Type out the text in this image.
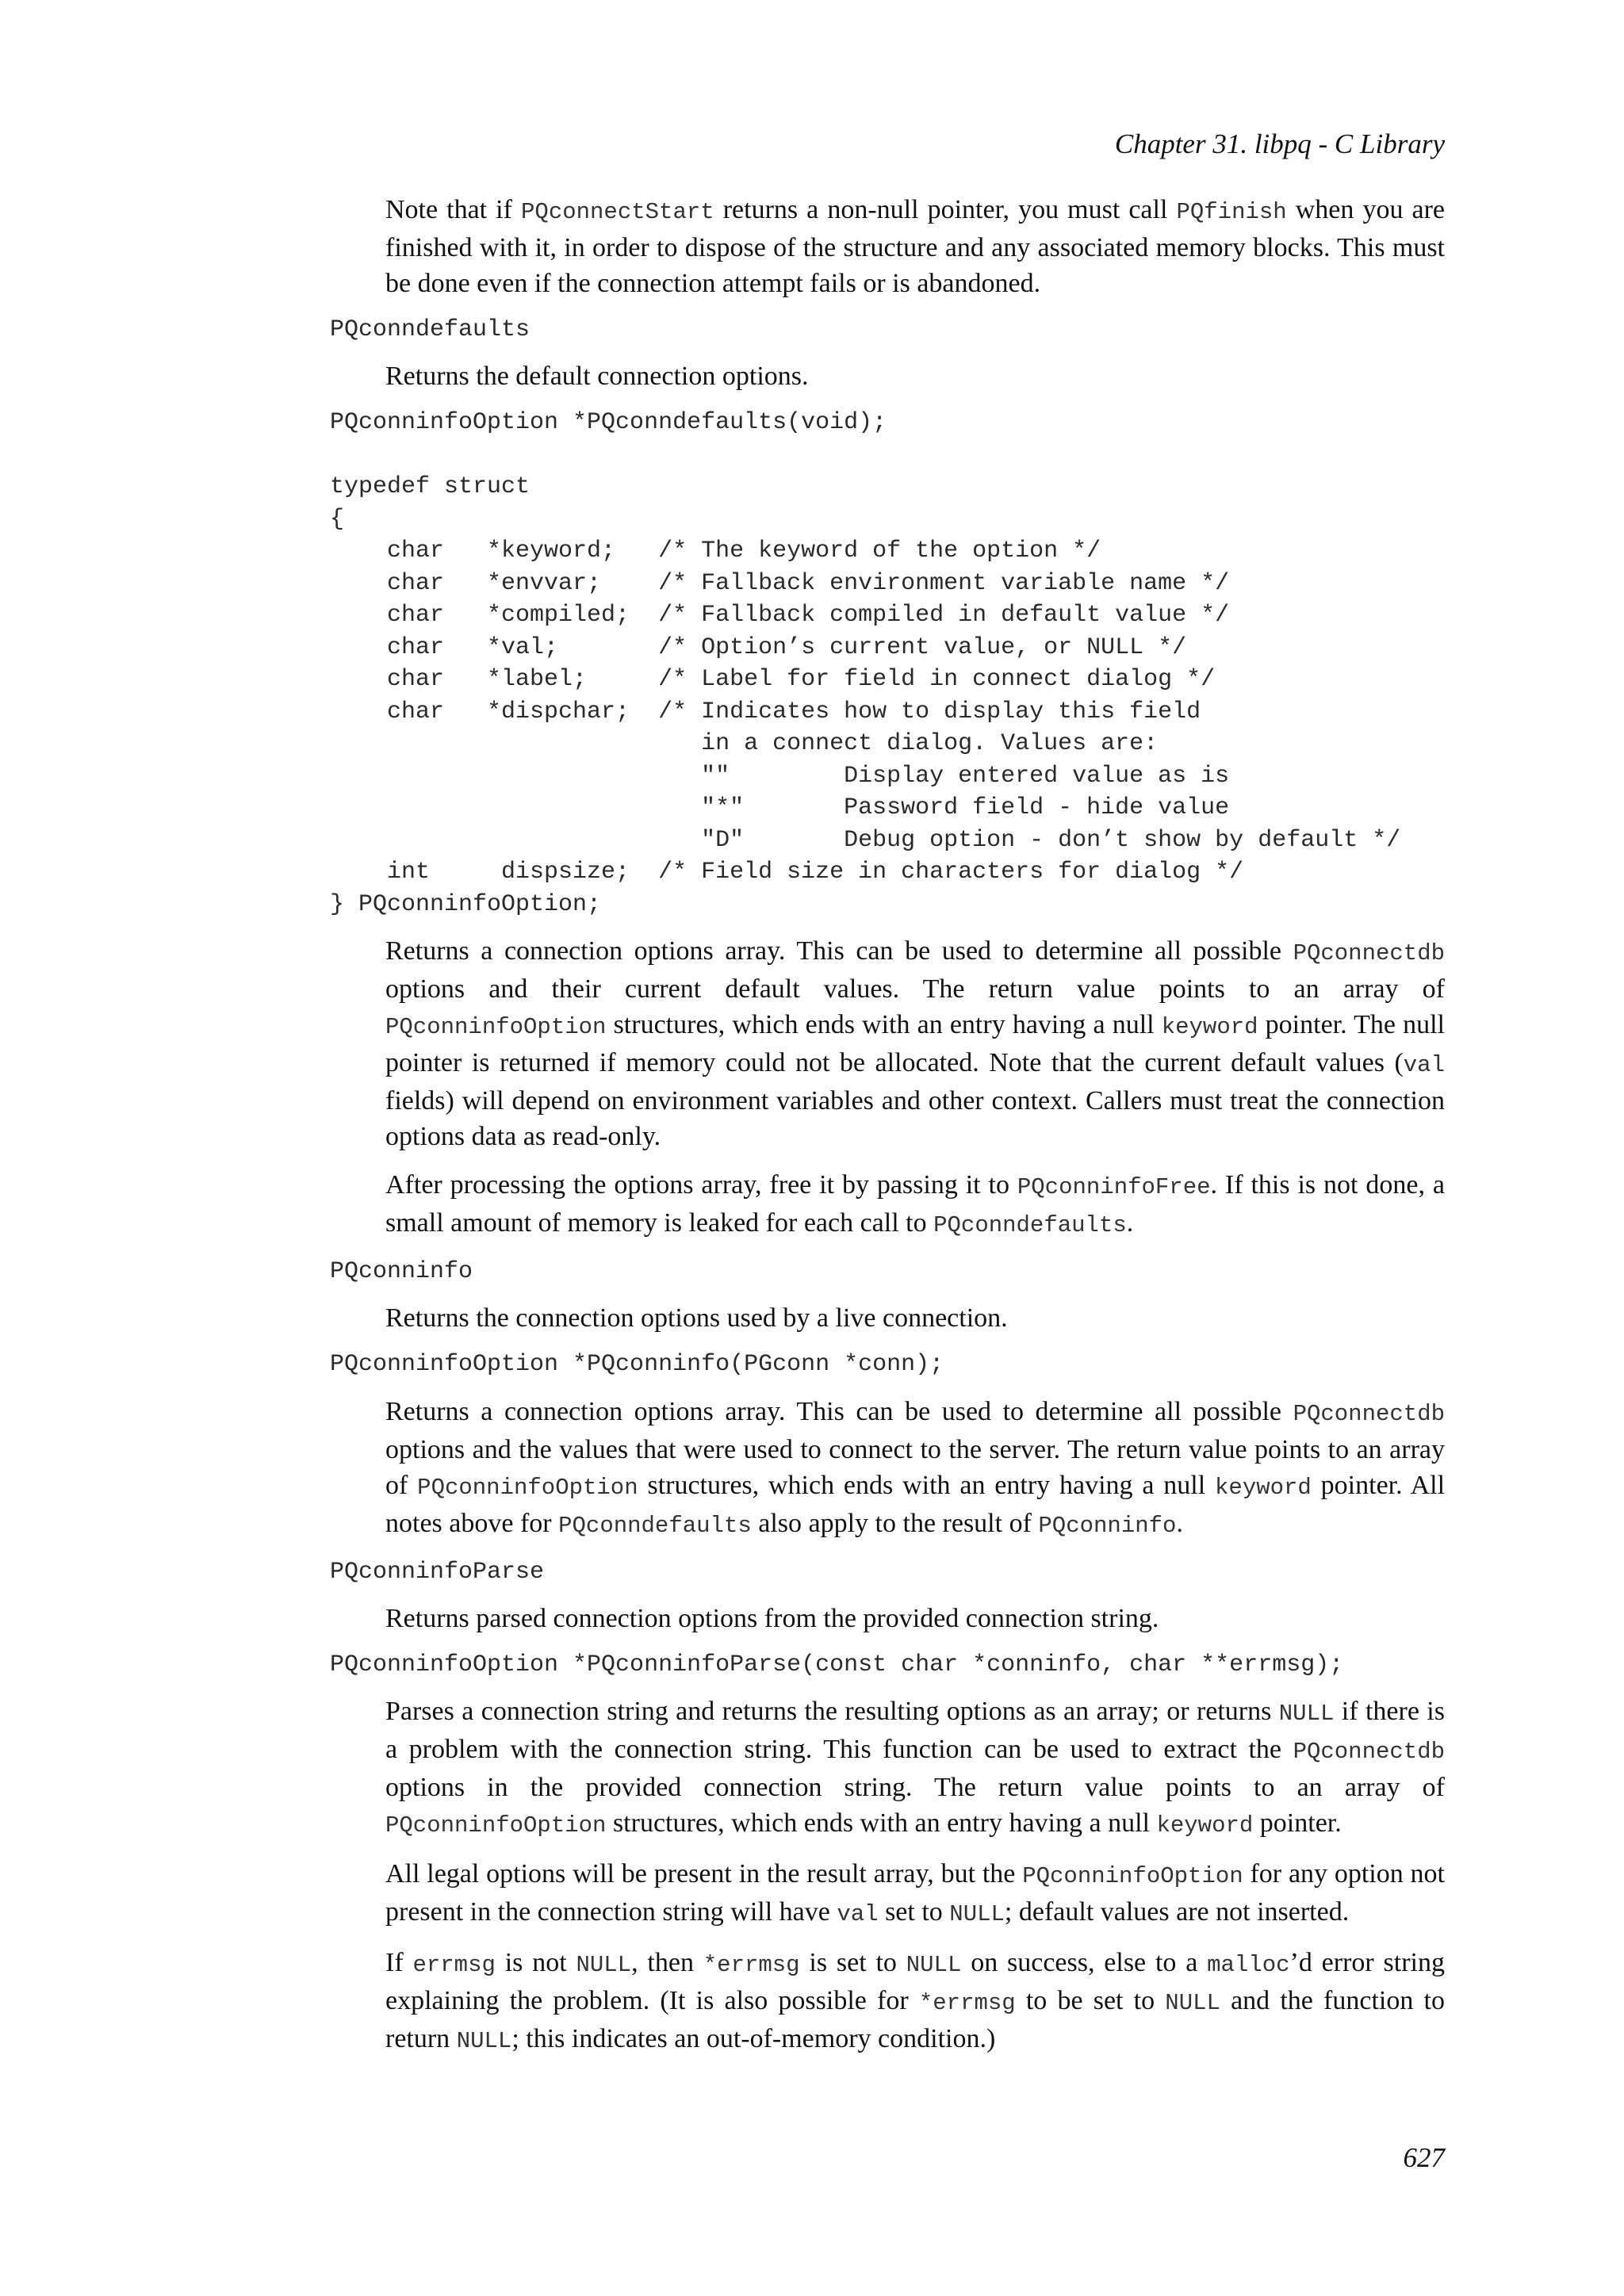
Chapter 31. libpq - C Library

Note that if PQconnectStart returns a non-null pointer, you must call PQfinish when you are finished with it, in order to dispose of the structure and any associated memory blocks. This must be done even if the connection attempt fails or is abandoned.

PQconndefaults

Returns the default connection options.

PQconninfoOption *PQconndefaults(void);

typedef struct
{
char   *keyword;   /* The keyword of the option */
char   *envvar;    /* Fallback environment variable name */
char   *compiled;  /* Fallback compiled in default value */
char   *val;       /* Option’s current value, or NULL */
char   *label;     /* Label for field in connect dialog */
char   *dispchar;  /* Indicates how to display this field
in a connect dialog. Values are:
""        Display entered value as is
"*"       Password field - hide value
"D"       Debug option - don’t show by default */
int     dispsize;  /* Field size in characters for dialog */
} PQconninfoOption;

Returns a connection options array. This can be used to determine all possible PQconnectdb options and their current default values. The return value points to an array of PQconninfoOption structures, which ends with an entry having a null keyword pointer. The null pointer is returned if memory could not be allocated. Note that the current default values (val fields) will depend on environment variables and other context. Callers must treat the connection options data as read-only.

After processing the options array, free it by passing it to PQconninfoFree. If this is not done, a small amount of memory is leaked for each call to PQconndefaults.

PQconninfo

Returns the connection options used by a live connection.

PQconninfoOption *PQconninfo(PGconn *conn);

Returns a connection options array. This can be used to determine all possible PQconnectdb options and the values that were used to connect to the server. The return value points to an array of PQconninfoOption structures, which ends with an entry having a null keyword pointer. All notes above for PQconndefaults also apply to the result of PQconninfo.

PQconninfoParse

Returns parsed connection options from the provided connection string.

PQconninfoOption *PQconninfoParse(const char *conninfo, char **errmsg);

Parses a connection string and returns the resulting options as an array; or returns NULL if there is a problem with the connection string. This function can be used to extract the PQconnectdb options in the provided connection string. The return value points to an array of PQconninfoOption structures, which ends with an entry having a null keyword pointer.

All legal options will be present in the result array, but the PQconninfoOption for any option not present in the connection string will have val set to NULL; default values are not inserted.

If errmsg is not NULL, then *errmsg is set to NULL on success, else to a malloc’d error string explaining the problem. (It is also possible for *errmsg to be set to NULL and the function to return NULL; this indicates an out-of-memory condition.)

627
